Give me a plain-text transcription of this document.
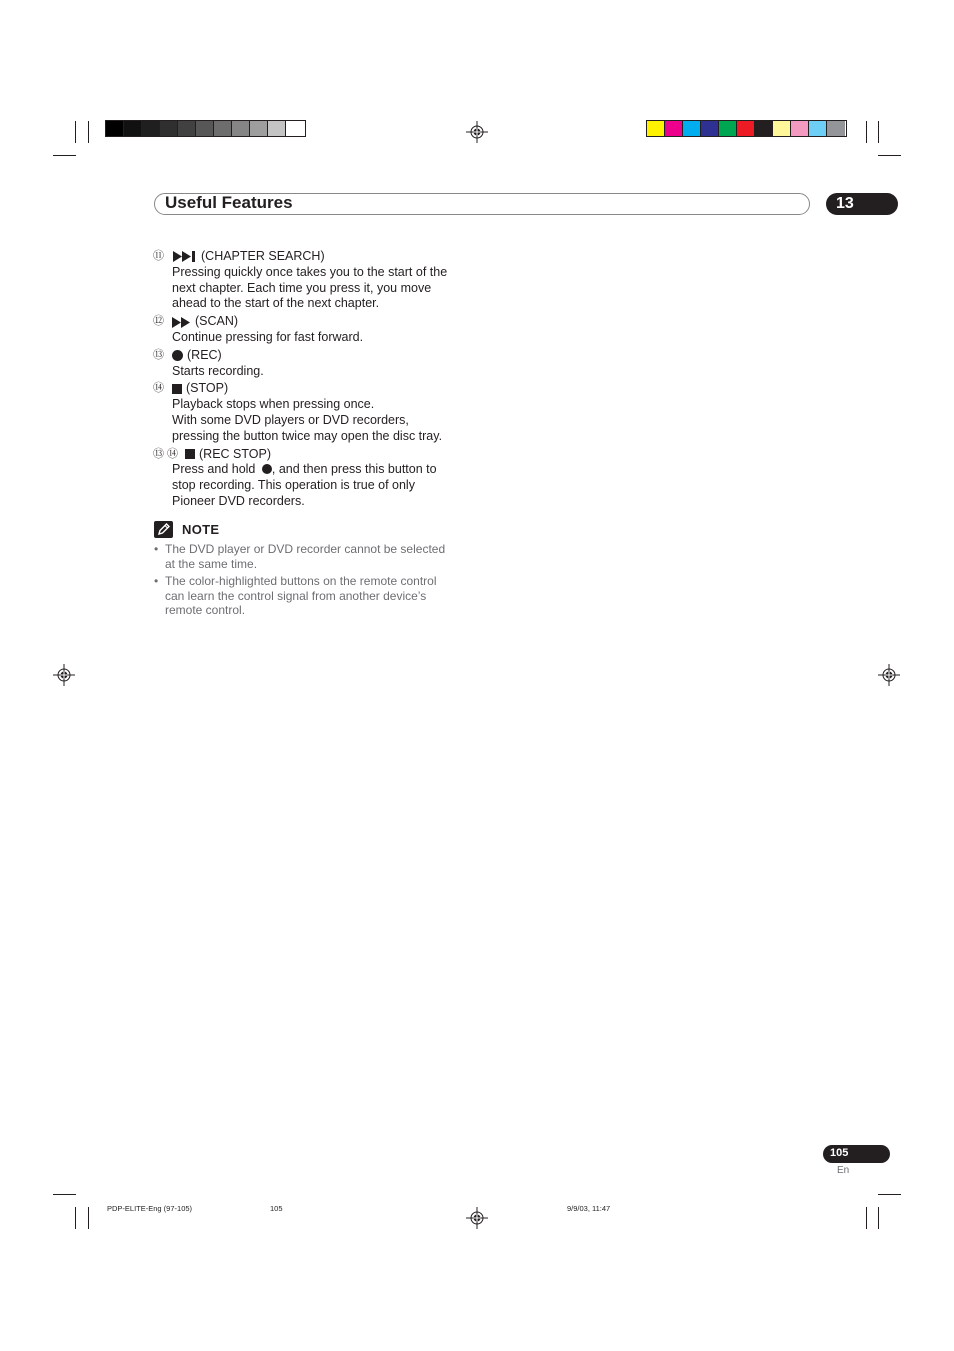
Useful Features	13
⑪	(CHAPTER SEARCH)
Pressing quickly once takes you to the start of the
next chapter. Each time you press it, you move
ahead to the start of the next chapter.
⑫	(SCAN)
Continue pressing for fast forward.
⑬	(REC)
Starts recording.
⑭	(STOP)
Playback stops when pressing once.
With some DVD players or DVD recorders,
pressing the button twice may open the disc tray.
⑬ ⑭	(REC STOP)
Press and hold , and then press this button to
stop recording. This operation is true of only
Pioneer DVD recorders.
NOTE
• The DVD player or DVD recorder cannot be selected
at the same time.
• The color-highlighted buttons on the remote control
can learn the control signal from another device’s
remote control.
105
En
PDP-ELITE-Eng (97-105)	105	9/9/03, 11:47
